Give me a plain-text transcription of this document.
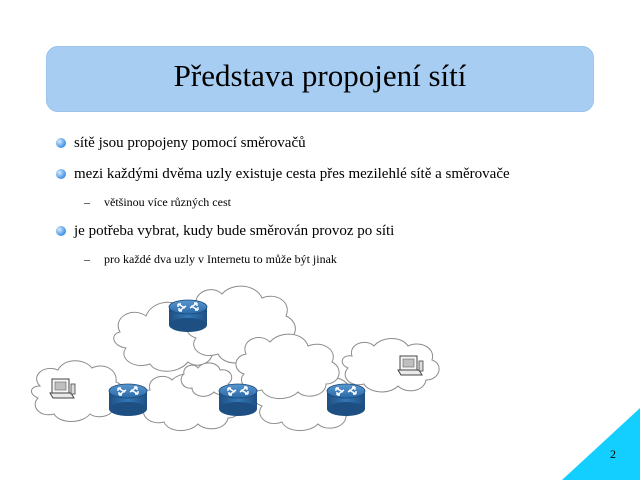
Představa propojení sítí
sítě jsou propojeny pomocí směrovačů
mezi každými dvěma uzly existuje cesta přes mezilehlé sítě a směrovače
– většinou více různých cest
je potřeba vybrat, kudy bude směrován provoz po síti
– pro každé dva uzly v Internetu to může být jinak
2
